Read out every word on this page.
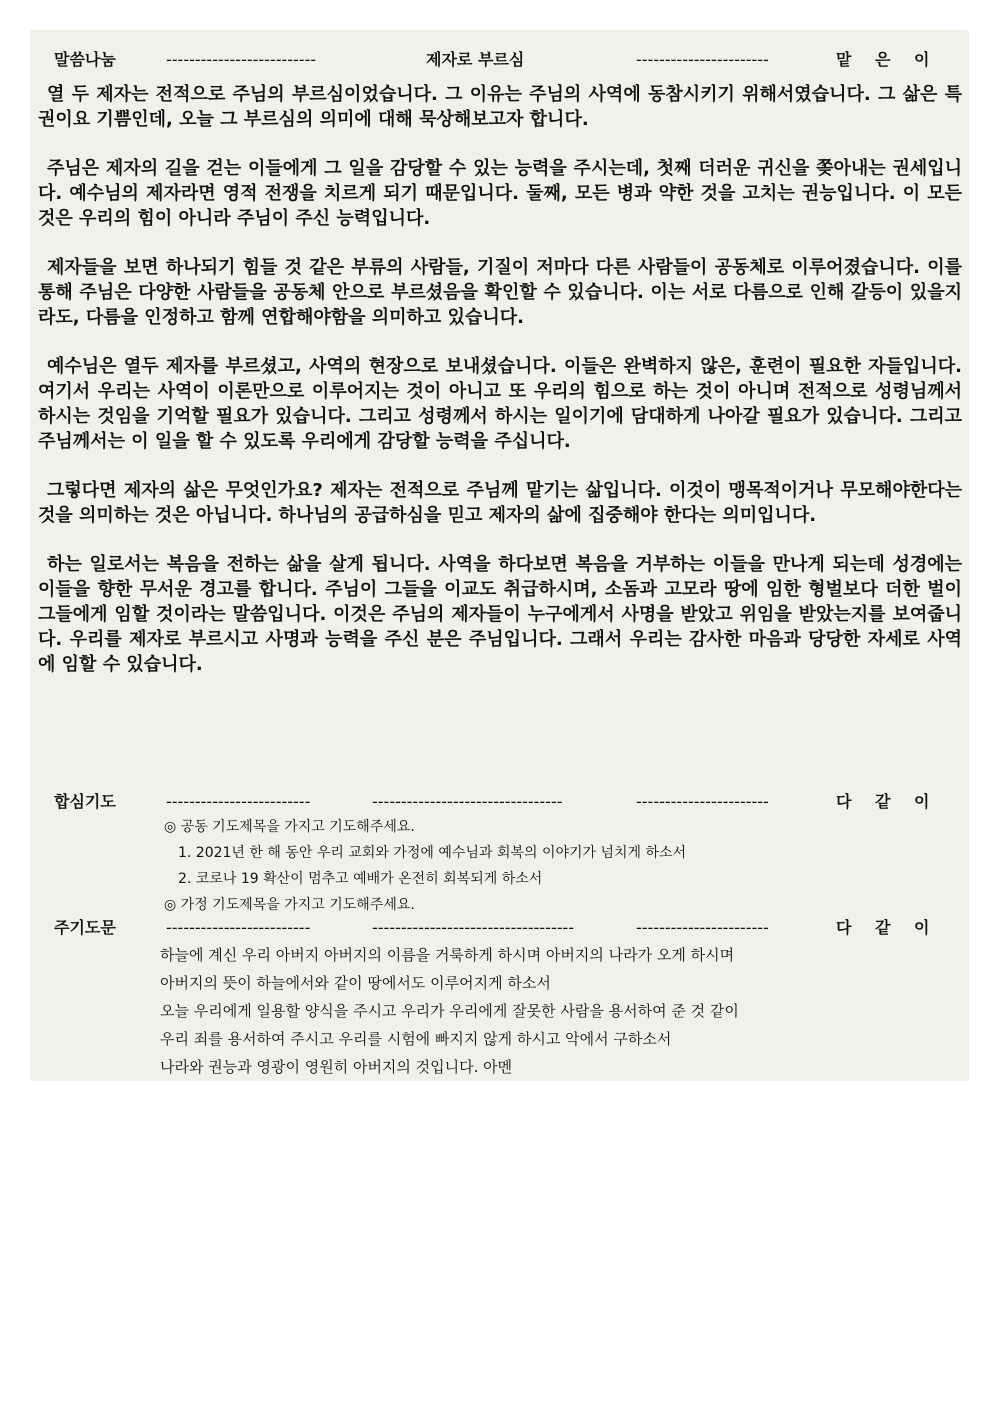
말씀나눔	--------------------------	제자로 부르심	-----------------------	맡 은 이

열 두 제자는 전적으로 주님의 부르심이었습니다. 그 이유는 주님의 사역에 동참시키기 위해서였습니다. 그 삶은 특권이요 기쁨인데, 오늘 그 부르심의 의미에 대해 묵상해보고자 합니다.

주님은 제자의 길을 걷는 이들에게 그 일을 감당할 수 있는 능력을 주시는데, 첫째 더러운 귀신을 쫒아내는 권세입니다. 예수님의 제자라면 영적 전쟁을 치르게 되기 때문입니다. 둘째, 모든 병과 약한 것을 고치는 권능입니다. 이 모든 것은 우리의 힘이 아니라 주님이 주신 능력입니다.

제자들을 보면 하나되기 힘들 것 같은 부류의 사람들, 기질이 저마다 다른 사람들이 공동체로 이루어졌습니다. 이를 통해 주님은 다양한 사람들을 공동체 안으로 부르셨음을 확인할 수 있습니다. 이는 서로 다름으로 인해 갈등이 있을지라도, 다름을 인정하고 함께 연합해야함을 의미하고 있습니다.

예수님은 열두 제자를 부르셨고, 사역의 현장으로 보내셨습니다. 이들은 완벽하지 않은, 훈련이 필요한 자들입니다. 여기서 우리는 사역이 이론만으로 이루어지는 것이 아니고 또 우리의 힘으로 하는 것이 아니며 전적으로 성령님께서 하시는 것임을 기억할 필요가 있습니다. 그리고 성령께서 하시는 일이기에 담대하게 나아갈 필요가 있습니다. 그리고 주님께서는 이 일을 할 수 있도록 우리에게 감당할 능력을 주십니다.

그렇다면 제자의 삶은 무엇인가요? 제자는 전적으로 주님께 맡기는 삶입니다. 이것이 맹목적이거나 무모해야한다는 것을 의미하는 것은 아닙니다. 하나님의 공급하심을 믿고 제자의 삶에 집중해야 한다는 의미입니다.

하는 일로서는 복음을 전하는 삶을 살게 됩니다. 사역을 하다보면 복음을 거부하는 이들을 만나게 되는데 성경에는 이들을 향한 무서운 경고를 합니다. 주님이 그들을 이교도 취급하시며, 소돔과 고모라 땅에 임한 형벌보다 더한 벌이 그들에게 임할 것이라는 말씀입니다. 이것은 주님의 제자들이 누구에게서 사명을 받았고 위임을 받았는지를 보여줍니다. 우리를 제자로 부르시고 사명과 능력을 주신 분은 주님입니다. 그래서 우리는 감사한 마음과 당당한 자세로 사역에 임할 수 있습니다.

합심기도	-------------------------	---------------------------------	-----------------------	다 같 이
◎ 공동 기도제목을 가지고 기도해주세요.
1. 2021년 한 해 동안 우리 교회와 가정에 예수님과 회복의 이야기가 넘치게 하소서
2. 코로나 19 확산이 멈추고 예배가 온전히 회복되게 하소서
◎ 가정 기도제목을 가지고 기도해주세요.
주기도문	-------------------------	-----------------------------------	-----------------------	다 같 이
하늘에 계신 우리 아버지 아버지의 이름을 거룩하게 하시며 아버지의 나라가 오게 하시며
아버지의 뜻이 하늘에서와 같이 땅에서도 이루어지게 하소서
오늘 우리에게 일용할 양식을 주시고 우리가 우리에게 잘못한 사람을 용서하여 준 것 같이
우리 죄를 용서하여 주시고 우리를 시험에 빠지지 않게 하시고 악에서 구하소서
나라와 권능과 영광이 영원히 아버지의 것입니다. 아멘
